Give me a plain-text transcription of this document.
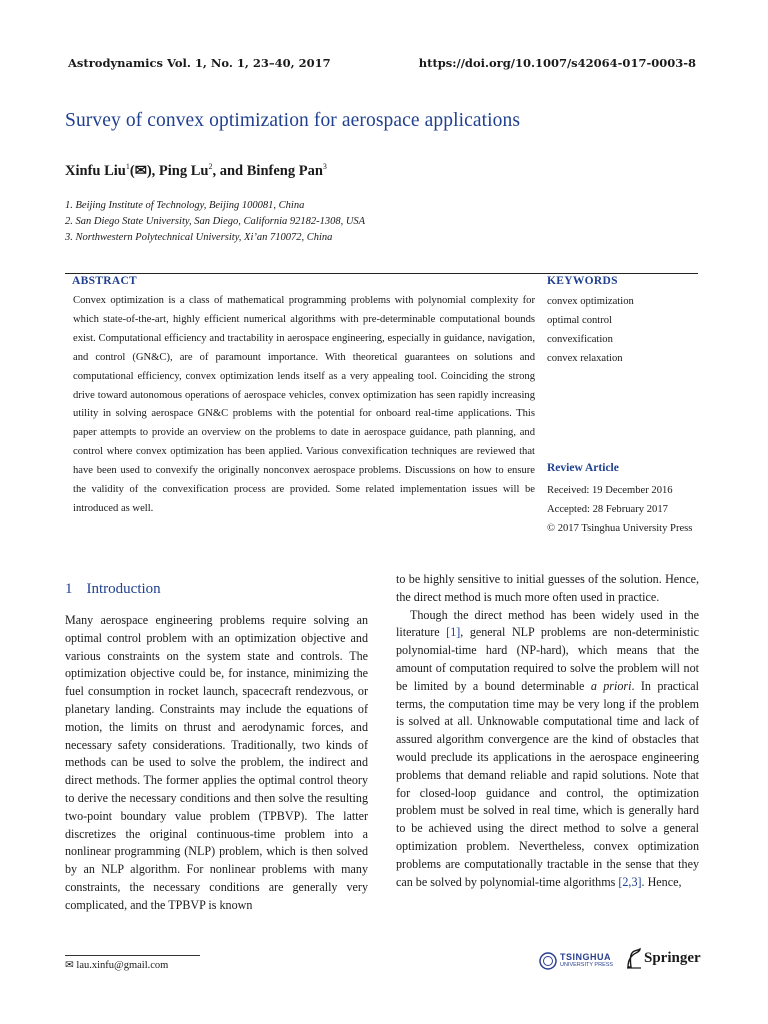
Astrodynamics Vol. 1, No. 1, 23–40, 2017	https://doi.org/10.1007/s42064-017-0003-8
Survey of convex optimization for aerospace applications
Xinfu Liu$^1$(✉), Ping Lu$^2$, and Binfeng Pan$^3$
1. Beijing Institute of Technology, Beijing 100081, China
2. San Diego State University, San Diego, California 92182-1308, USA
3. Northwestern Polytechnical University, Xi’an 710072, China
ABSTRACT	KEYWORDS
Convex optimization is a class of mathematical programming problems with polynomial complexity for which state-of-the-art, highly efficient numerical algorithms with pre-determinable computational bounds exist. Computational efficiency and tractability in aerospace engineering, especially in guidance, navigation, and control (GN&C), are of paramount importance. With theoretical guarantees on solutions and computational efficiency, convex optimization lends itself as a very appealing tool. Coinciding the strong drive toward autonomous operations of aerospace vehicles, convex optimization has seen rapidly increasing utility in solving aerospace GN&C problems with the potential for onboard real-time applications. This paper attempts to provide an overview on the problems to date in aerospace guidance, path planning, and control where convex optimization has been applied. Various convexification techniques are reviewed that have been used to convexify the originally nonconvex aerospace problems. Discussions on how to ensure the validity of the convexification process are provided. Some related implementation issues will be introduced as well.
convex optimization
optimal control
convexification
convex relaxation
Review Article
Received: 19 December 2016
Accepted: 28 February 2017
© 2017 Tsinghua University Press
1 Introduction

Many aerospace engineering problems require solving an optimal control problem with an optimization objective and various constraints on the system state and controls. The optimization objective could be, for instance, minimizing the fuel consumption in rocket launch, spacecraft rendezvous, or planetary landing. Constraints may include the equations of motion, the limits on thrust and aerodynamic forces, and necessary safety considerations. Traditionally, two kinds of methods can be used to solve the problem, the indirect and direct methods. The former applies the optimal control theory to derive the necessary conditions and then solve the resulting two-point boundary value problem (TPBVP). The latter discretizes the original continuous-time problem into a nonlinear programming (NLP) problem, which is then solved by an NLP algorithm. For nonlinear problems with many constraints, the necessary conditions are generally very complicated, and the TPBVP is known

to be highly sensitive to initial guesses of the solution. Hence, the direct method is much more often used in practice.

Though the direct method has been widely used in the literature [1], general NLP problems are non-deterministic polynomial-time hard (NP-hard), which means that the amount of computation required to solve the problem will not be limited by a bound determinable a priori. In practical terms, the computation time may be very long if the problem is solved at all. Unknowable computational time and lack of assured algorithm convergence are the kind of obstacles that would preclude its applications in the aerospace engineering problems that demand reliable and rapid solutions. Note that for closed-loop guidance and control, the optimization problem must be solved in real time, which is generally hard to be achieved using the direct method to solve a general optimization problem. Nevertheless, convex optimization problems are computationally tractable in the sense that they can be solved by polynomial-time algorithms [2,3]. Hence,

✉ lau.xinfu@gmail.com
TSINGHUA
UNIVERSITY PRESS Springer
